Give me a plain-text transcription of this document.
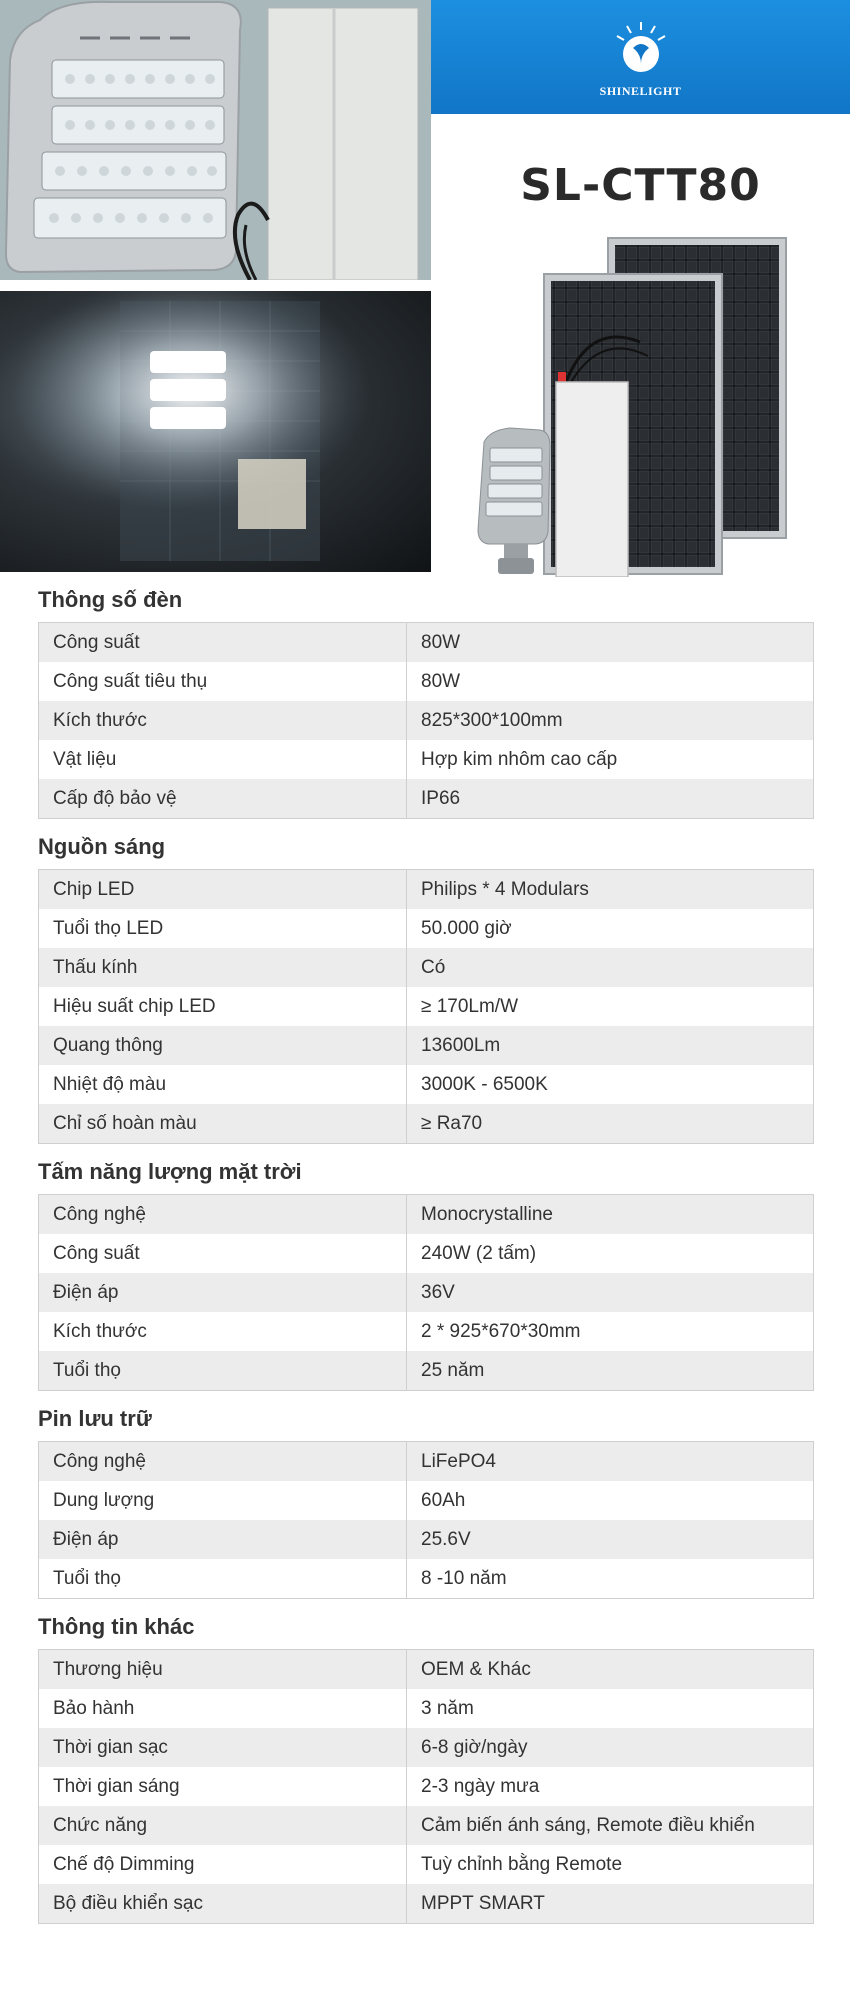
SHINELIGHT
SL-CTT80
Thông số đèn
Công suất	80W
Công suất tiêu thụ	80W
Kích thước	825*300*100mm
Vật liệu	Hợp kim nhôm cao cấp
Cấp độ bảo vệ	IP66
Nguồn sáng
Chip LED	Philips * 4 Modulars
Tuổi thọ LED	50.000 giờ
Thấu kính	Có
Hiệu suất chip LED	≥ 170Lm/W
Quang thông	13600Lm
Nhiệt độ màu	3000K - 6500K
Chỉ số hoàn màu	≥ Ra70
Tấm năng lượng mặt trời
Công nghệ	Monocrystalline
Công suất	240W (2 tấm)
Điện áp	36V
Kích thước	2 * 925*670*30mm
Tuổi thọ	25 năm
Pin lưu trữ
Công nghệ	LiFePO4
Dung lượng	60Ah
Điện áp	25.6V
Tuổi thọ	8 -10 năm
Thông tin khác
Thương hiệu	OEM & Khác
Bảo hành	3 năm
Thời gian sạc	6-8 giờ/ngày
Thời gian sáng	2-3 ngày mưa
Chức năng	Cảm biến ánh sáng, Remote điều khiển
Chế độ Dimming	Tuỳ chỉnh bằng Remote
Bộ điều khiển sạc	MPPT SMART
